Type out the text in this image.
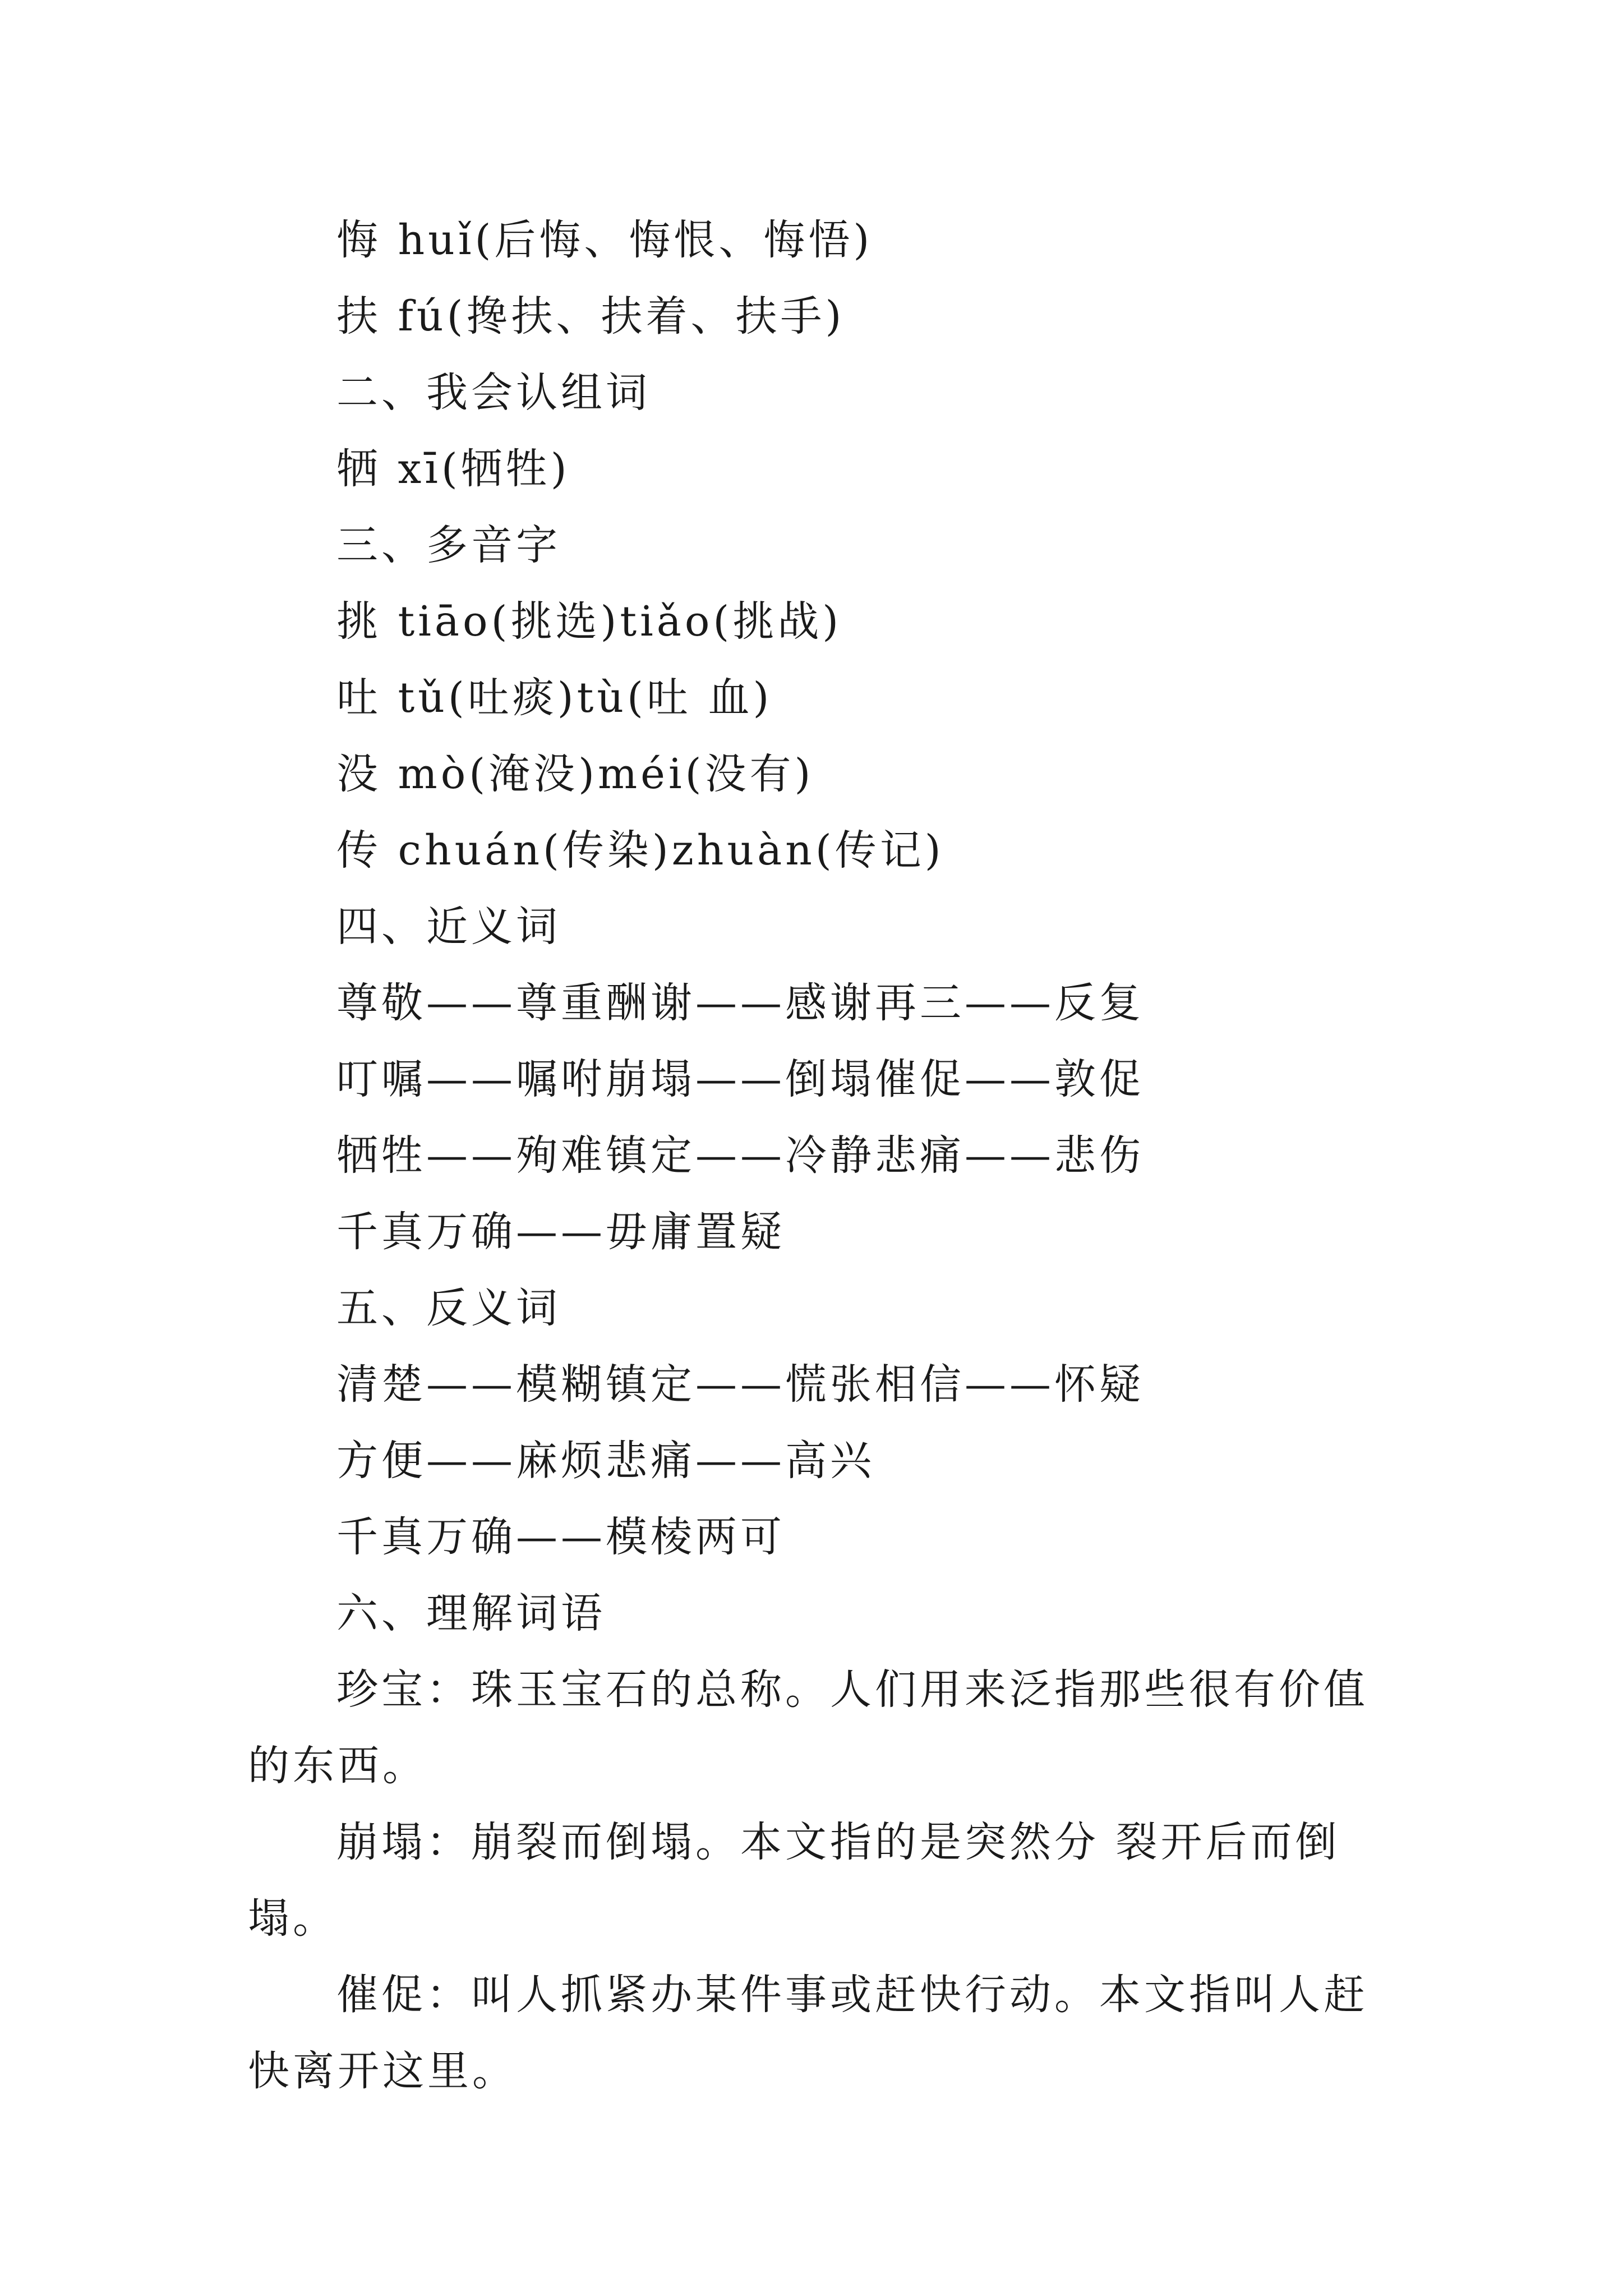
悔 huǐ(后悔、悔恨、悔悟)
扶 fú(搀扶、扶着、扶手)
二、我会认组词
牺 xī(牺牲)
三、多音字
挑 tiāo(挑选)tiǎo(挑战)
吐 tǔ(吐痰)tù(吐 血)
没 mò(淹没)méi(没有)
传 chuán(传染)zhuàn(传记)
四、近义词
尊敬——尊重酬谢——感谢再三——反复
叮嘱——嘱咐崩塌——倒塌催促——敦促
牺牲——殉难镇定——冷静悲痛——悲伤
千真万确——毋庸置疑
五、反义词
清楚——模糊镇定——慌张相信——怀疑
方便——麻烦悲痛——高兴
千真万确——模棱两可
六、理解词语
珍宝：珠玉宝石的总称。人们用来泛指那些很有价值的东西。
崩塌：崩裂而倒塌。本文指的是突然分 裂开后而倒塌。
催促：叫人抓紧办某件事或赶快行动。本文指叫人赶快离开这里。
